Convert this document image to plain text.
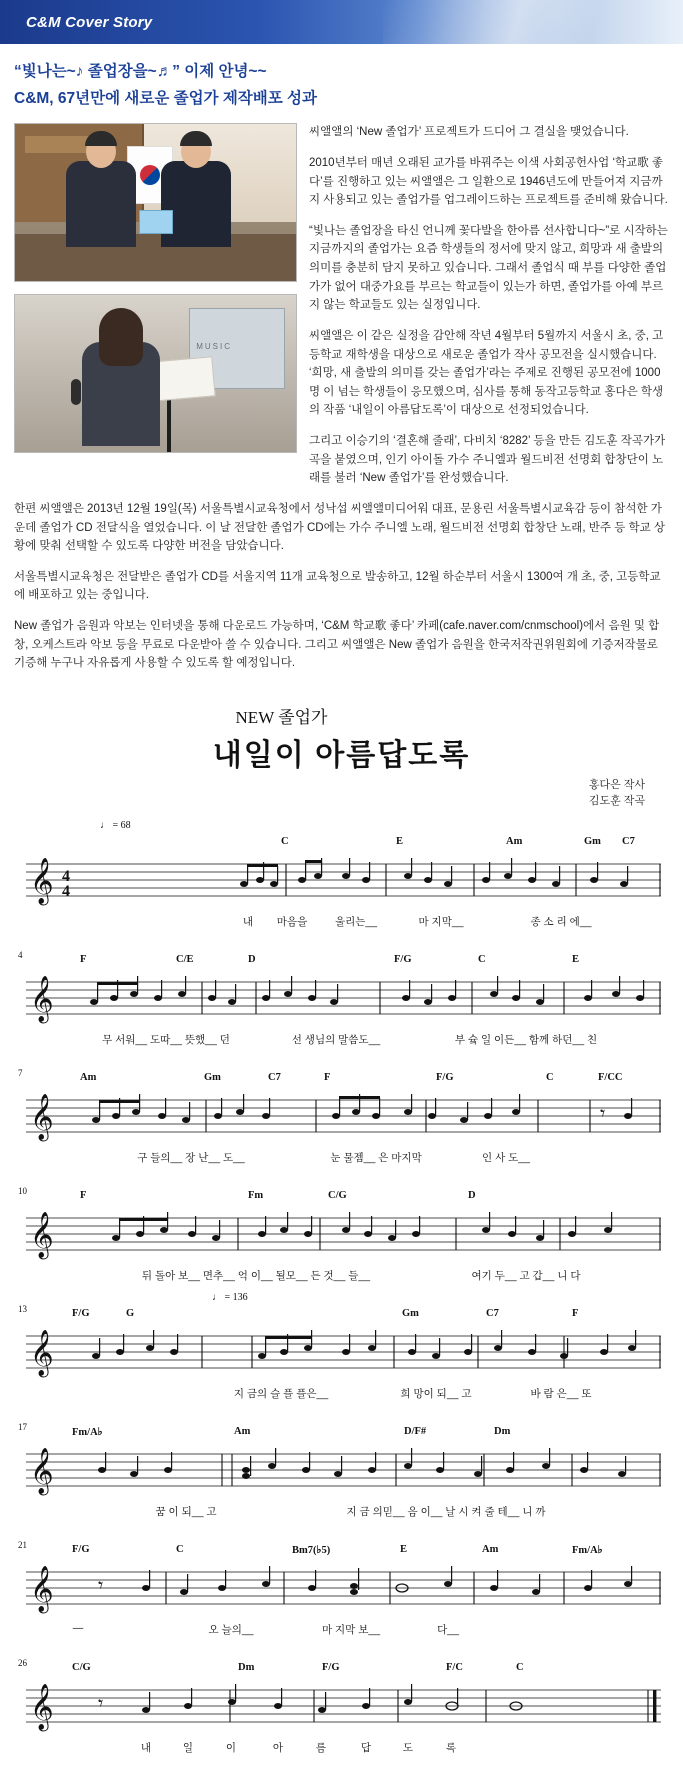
C&M Cover Story
“빛나는~♪ 졸업장을~♬” 이제 안녕~~
C&M, 67년만에 새로운 졸업가 제작배포 성과
MUSIC

씨앨앨의 ‘New 졸업가’ 프로젝트가 드디어 그 결실을 맺었습니다.

2010년부터 매년 오래된 교가를 바꿔주는 이색 사회공헌사업 ‘학교歌 좋다’를 진행하고 있는 씨앨앨은 그 일환으로 1946년도에 만들어져 지금까지 사용되고 있는 졸업가를 업그레이드하는 프로젝트를 준비해 왔습니다.

“빛나는 졸업장을 타신 언니께 꽃다발을 한아름 선사합니다~”로 시작하는 지금까지의 졸업가는 요즘 학생들의 정서에 맞지 않고, 희망과 새 출발의 의미를 충분히 담지 못하고 있습니다. 그래서 졸업식 때 부를 다양한 졸업가가 없어 대중가요를 부르는 학교들이 있는가 하면, 졸업가를 아예 부르지 않는 학교들도 있는 실정입니다.

씨앨앨은 이 같은 실정을 감안해 작년 4월부터 5월까지 서울시 초, 중, 고등학교 재학생을 대상으로 새로운 졸업가 작사 공모전을 실시했습니다. ‘희망, 새 출발의 의미를 갖는 졸업가’라는 주제로 진행된 공모전에 1000명 이 넘는 학생들이 응모했으며, 심사를 통해 동작고등학교 홍다은 학생의 작품 ‘내일이 아름답도록’이 대상으로 선정되었습니다.

그리고 이승기의 ‘결혼해 줄래’, 다비치 ‘8282’ 등을 만든 김도훈 작곡가가 곡을 붙였으며, 인기 아이돌 가수 주니엘과 월드비전 선명회 합창단이 노래를 불러 ‘New 졸업가’를 완성했습니다.

한편 씨앨앨은 2013년 12월 19일(목) 서울특별시교육청에서 성낙섭 씨앨앨미디어워 대표, 문용린 서울특별시교육감 등이 참석한 가운데 졸업가 CD 전달식을 열었습니다. 이 날 전달한 졸업가 CD에는 가수 주니엘 노래, 월드비전 선명회 합창단 노래, 반주 등 학교 상황에 맞춰 선택할 수 있도록 다양한 버전을 담았습니다.

서울특별시교육청은 전달받은 졸업가 CD를 서울지역 11개 교육청으로 발송하고, 12월 하순부터 서울시 1300여 개 초, 중, 고등학교에 배포하고 있는 중입니다.

New 졸업가 음원과 악보는 인터넷을 통해 다운로드 가능하며, ‘C&M 학교歌 좋다’ 카페(cafe.naver.com/cnmschool)에서 음원 및 합창, 오케스트라 악보 등을 무료로 다운받아 쓸 수 있습니다. 그리고 씨앨앨은 New 졸업가 음원을 한국저작권위원회에 기증저작물로 기증해 누구나 자유롭게 사용할 수 있도록 할 예정입니다.

NEW 졸업가
내일이 아름답도록
홍다은 작사
김도훈 작곡
♩ = 68
C	E	Am	Gm C7
𝄞 4
4
내 마음을	울리는__	마 지막__	종 소 리 에__
4	F	C/E	D	F/G	C	E
𝄞
무 서워__ 도따__ 뜻했__ 던	선 생님의 말씀도__	부 슠 일 이든__ 함께 하던__ 친
7	Am	Gm	C7	F	F/G	C	F/CC
𝄞	𝄾
구 들의__ 장 난__ 도__	눈 물젬__ 은 마지막	인 사 도__
10	F	Fm	C/G	D
𝄞
뒤 돌아 보__ 면추__ 억 이__ 될모__ 든 것__ 들__	여기 두__ 고 갑__ 니 다
13
♩ = 136
F/G	G	Gm	C7	F
𝄞
지 금의 슬 플 플은__	희 망이 되__ 고	바 람 은__ 또
17	Fm/A♭	Am	D/F#	Dm
𝄞
꿈 이 되__ 고	지 금 의믿__ 음 이__ 날 시 켜 줄 테__ 니 까
21	F/G	C	Bm7(♭5)	E	Am	Fm/A♭
𝄞 𝄾
—	오 늘의__	마 지막 보__	다__
26	C/G	Dm	F/G	F/C	C
𝄞 𝄾
내	일	이	아	름	답	도	록
